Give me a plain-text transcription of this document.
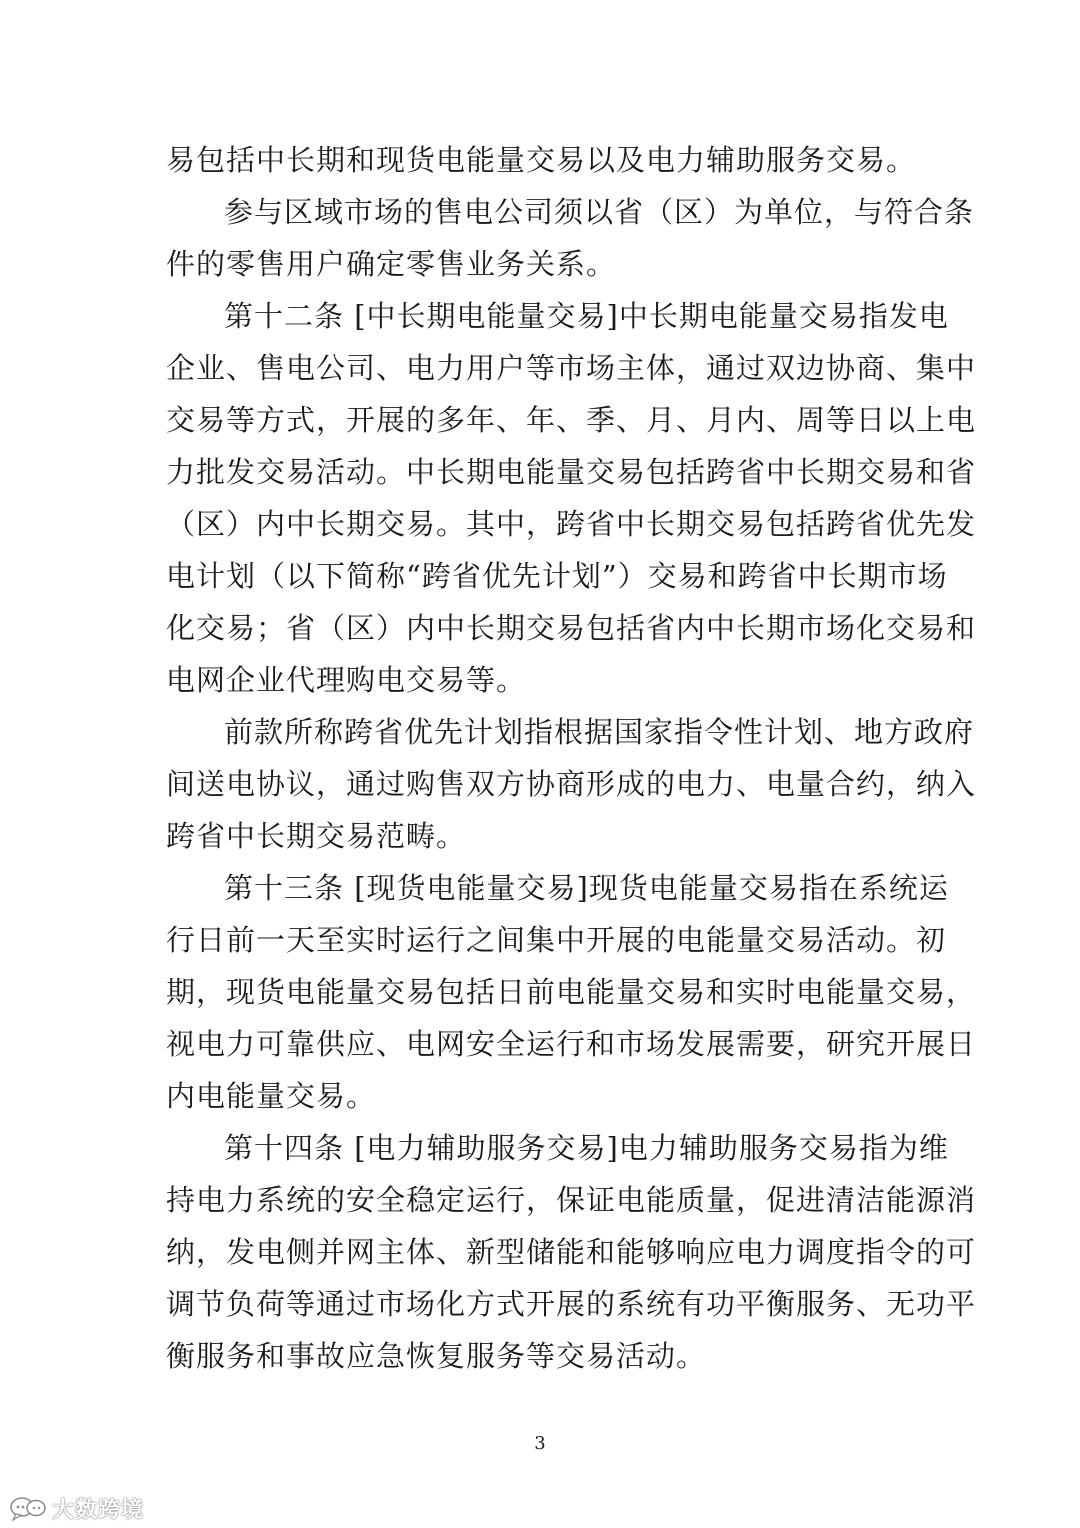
易包括中长期和现货电能量交易以及电力辅助服务交易。
参与区域市场的售电公司须以省（区）为单位，与符合条
件的零售用户确定零售业务关系。
第十二条 [中长期电能量交易]中长期电能量交易指发电
企业、售电公司、电力用户等市场主体，通过双边协商、集中
交易等方式，开展的多年、年、季、月、月内、周等日以上电
力批发交易活动。中长期电能量交易包括跨省中长期交易和省
（区）内中长期交易。其中，跨省中长期交易包括跨省优先发
电计划（以下简称“跨省优先计划”）交易和跨省中长期市场
化交易；省（区）内中长期交易包括省内中长期市场化交易和
电网企业代理购电交易等。
前款所称跨省优先计划指根据国家指令性计划、地方政府
间送电协议，通过购售双方协商形成的电力、电量合约，纳入
跨省中长期交易范畴。
第十三条 [现货电能量交易]现货电能量交易指在系统运
行日前一天至实时运行之间集中开展的电能量交易活动。初
期，现货电能量交易包括日前电能量交易和实时电能量交易，
视电力可靠供应、电网安全运行和市场发展需要，研究开展日
内电能量交易。
第十四条 [电力辅助服务交易]电力辅助服务交易指为维
持电力系统的安全稳定运行，保证电能质量，促进清洁能源消
纳，发电侧并网主体、新型储能和能够响应电力调度指令的可
调节负荷等通过市场化方式开展的系统有功平衡服务、无功平
衡服务和事故应急恢复服务等交易活动。
3
大数跨境
